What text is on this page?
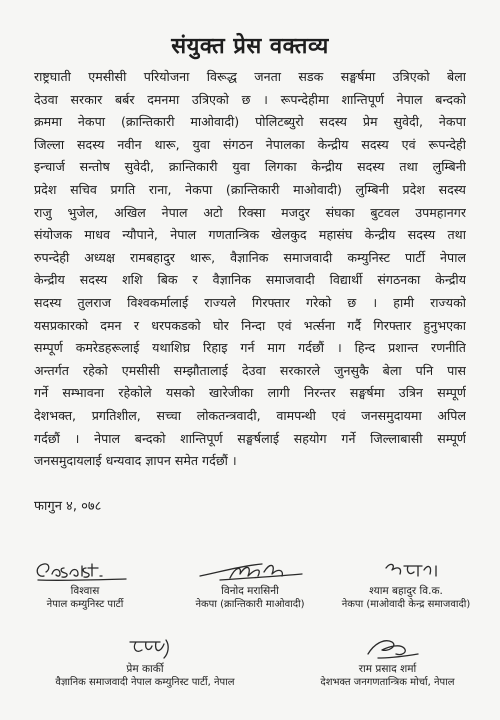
संयुक्त प्रेस वक्तव्य
राष्ट्रघाती एमसीसी परियोजना विरूद्ध जनता सडक सङ्घर्षमा उत्रिएको बेला
देउवा सरकार बर्बर दमनमा उत्रिएको छ । रूपन्देहीमा शान्तिपूर्ण नेपाल बन्दको
क्रममा नेकपा (क्रान्तिकारी माओवादी) पोलिटब्युरो सदस्य प्रेम सुवेदी, नेकपा
जिल्ला सदस्य नवीन थारू, युवा संगठन नेपालका केन्द्रीय सदस्य एवं रूपन्देही
इन्चार्ज सन्तोष सुवेदी, क्रान्तिकारी युवा लिगका केन्द्रीय सदस्य तथा लुम्बिनी
प्रदेश सचिव प्रगति राना, नेकपा (क्रान्तिकारी माओवादी) लुम्बिनी प्रदेश सदस्य
राजु भुजेल, अखिल नेपाल अटो रिक्सा मजदुर संघका बुटवल उपमहानगर
संयोजक माधव न्यौपाने, नेपाल गणतान्त्रिक खेलकुद महासंघ केन्द्रीय सदस्य तथा
रुपन्देही अध्यक्ष रामबहादुर थारू, वैज्ञानिक समाजवादी कम्युनिस्ट पार्टी नेपाल
केन्द्रीय सदस्य शशि बिक र वैज्ञानिक समाजवादी विद्यार्थी संगठनका केन्द्रीय
सदस्य तुलराज विश्वकर्मालाई राज्यले गिरफ्तार गरेको छ । हामी राज्यको
यसप्रकारको दमन र धरपकडको घोर निन्दा एवं भर्त्सना गर्दै गिरफ्तार हुनुभएका
सम्पूर्ण कमरेडहरूलाई यथाशिघ्र रिहाइ गर्न माग गर्दछौं । हिन्द प्रशान्त रणनीति
अन्तर्गत रहेको एमसीसी सम्झौतालाई देउवा सरकारले जुनसुकै बेला पनि पास
गर्ने सम्भावना रहेकोले यसको खारेजीका लागी निरन्तर सङ्घर्षमा उत्रिन सम्पूर्ण
देशभक्त, प्रगतिशील, सच्चा लोकतन्त्रवादी, वामपन्थी एवं जनसमुदायमा अपिल
गर्दछौं । नेपाल बन्दको शान्तिपूर्ण सङ्घर्षलाई सहयोग गर्ने जिल्लाबासी सम्पूर्ण
जनसमुदायलाई धन्यवाद ज्ञापन समेत गर्दछौं ।
फागुन ४, ०७८
विश्वास
नेपाल कम्युनिस्ट पार्टी
विनोद मरासिनी
नेकपा (क्रान्तिकारी माओवादी)
श्याम बहादुर वि.क.
नेकपा (माओवादी केन्द्र समाजवादी)
प्रेम कार्की
वैज्ञानिक समाजवादी नेपाल कम्युनिस्ट पार्टी, नेपाल
राम प्रसाद शर्मा
देशभक्त जनगणतान्त्रिक मोर्चा, नेपाल
